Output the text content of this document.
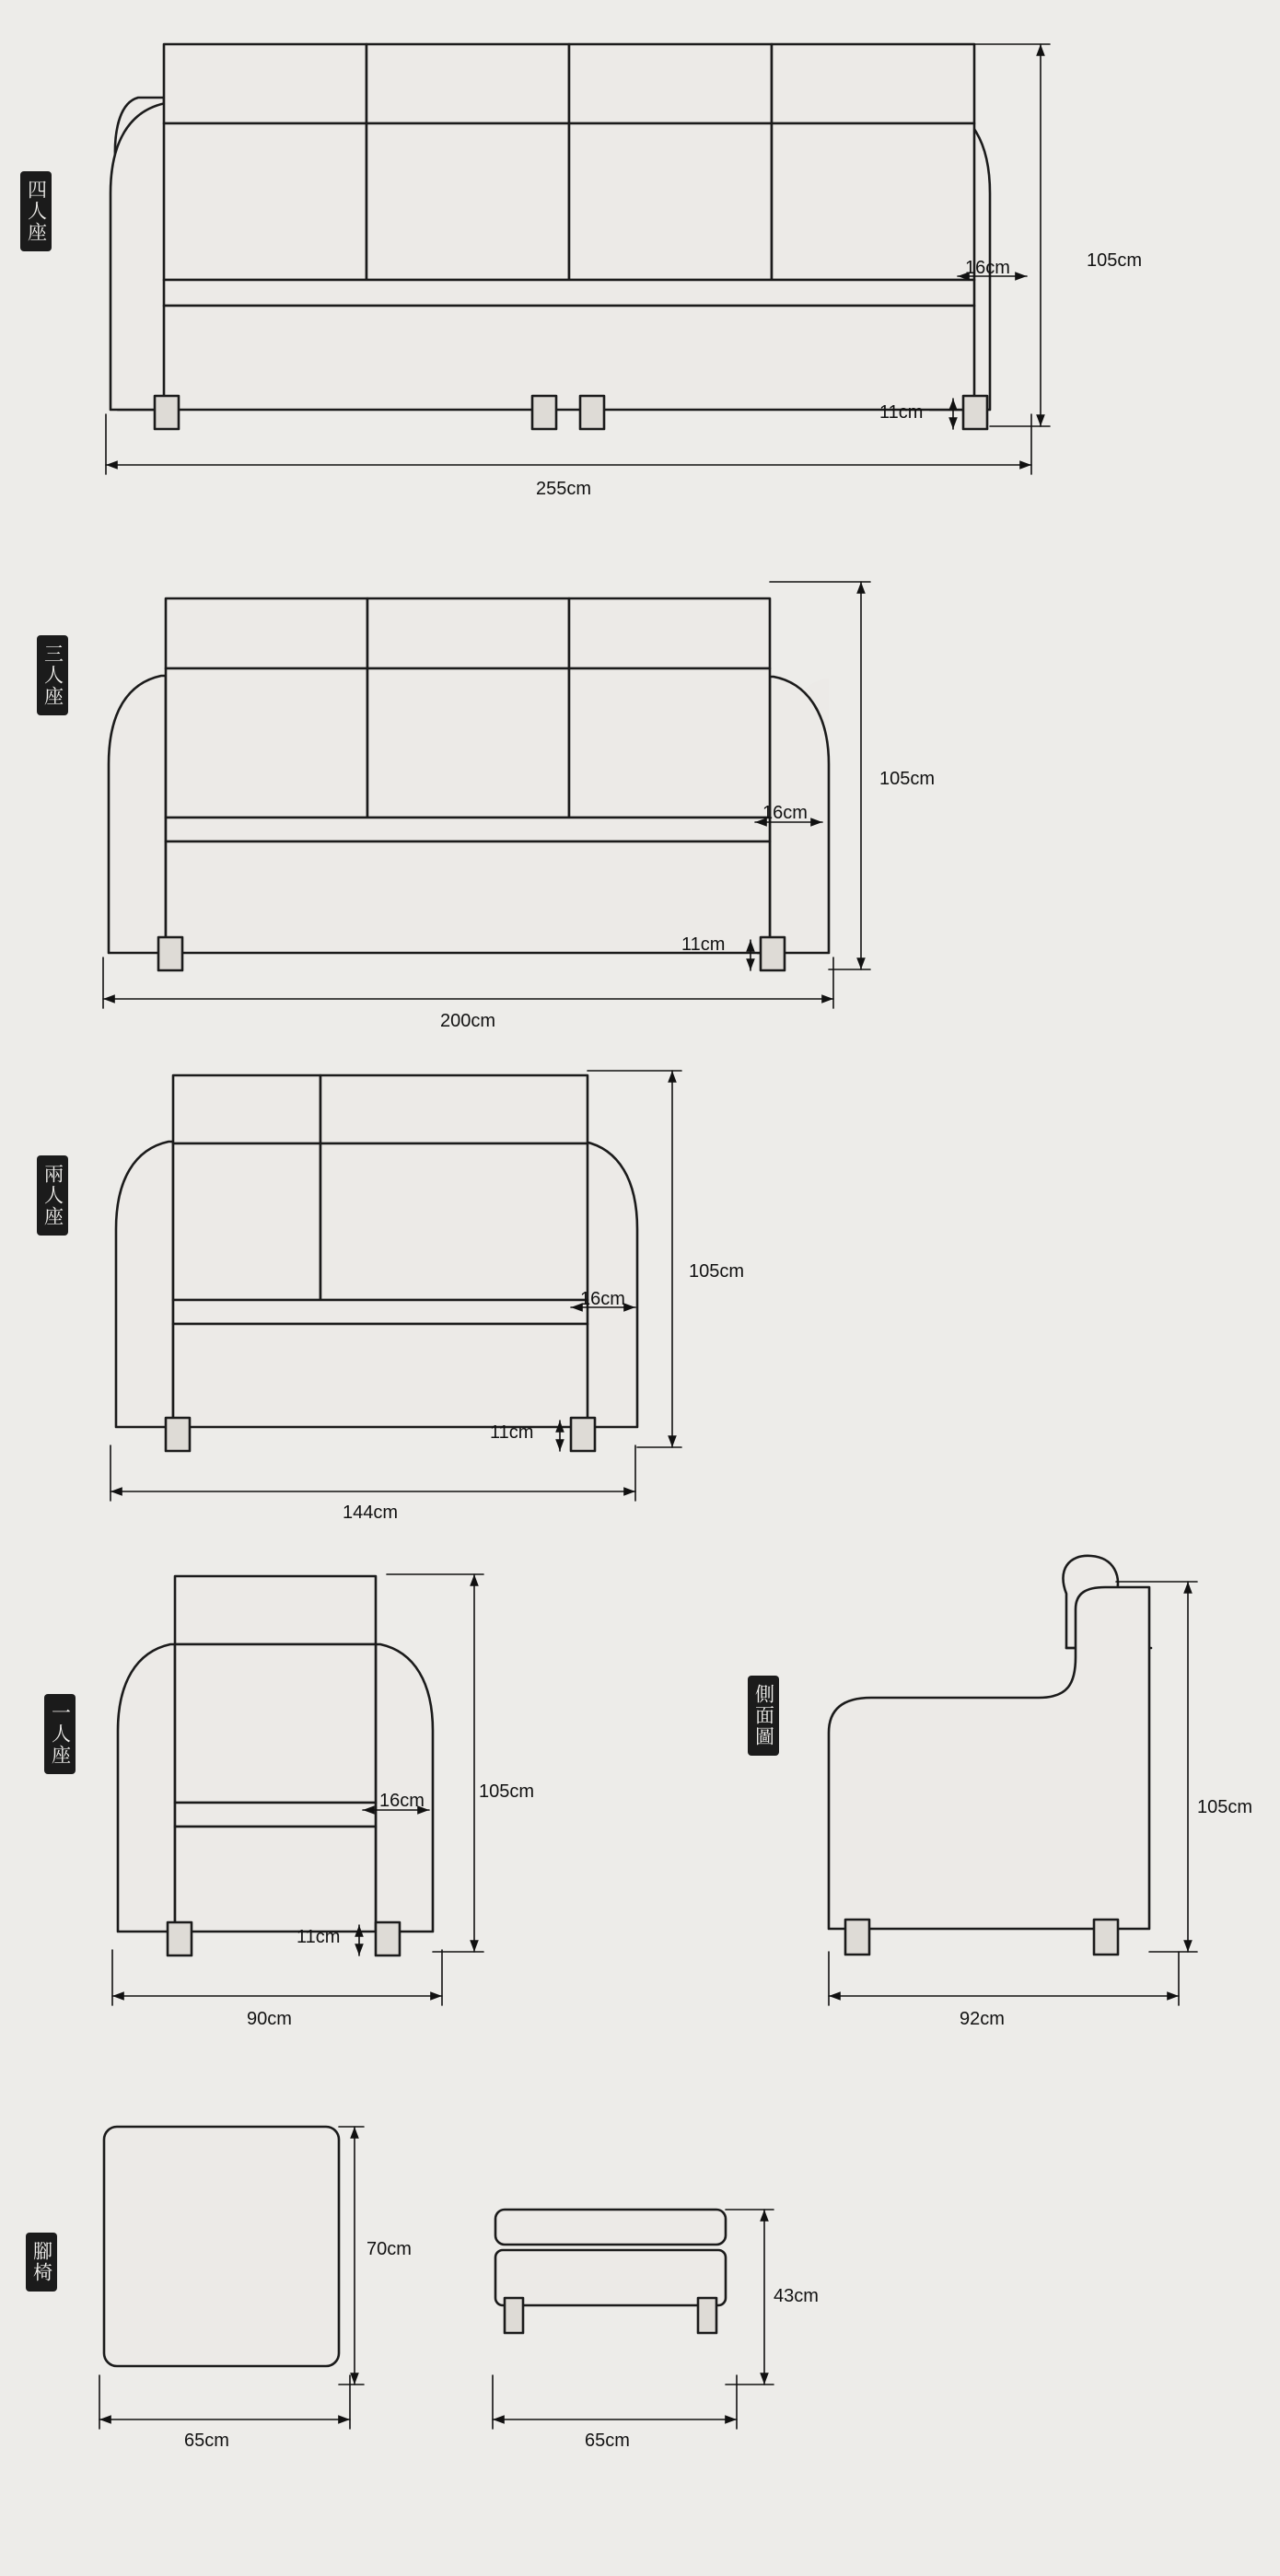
四人座
三人座
兩人座
一人座	側面圖
腳椅
105cm
255cm
16cm
11cm
105cm
200cm
16cm
11cm
105cm
144cm
16cm
11cm
105cm
90cm
16cm
11cm
105cm
92cm
70cm
65cm
43cm
65cm
